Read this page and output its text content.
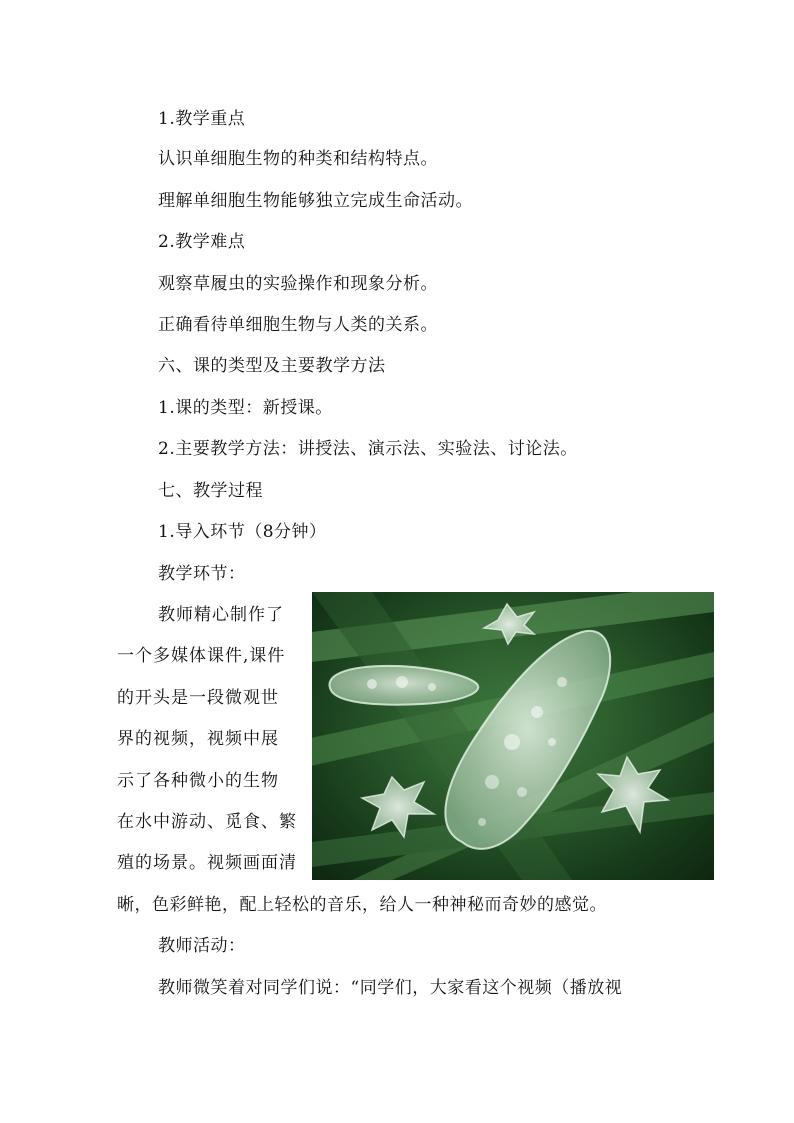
1.教学重点
认识单细胞生物的种类和结构特点。
理解单细胞生物能够独立完成生命活动。
2.教学难点
观察草履虫的实验操作和现象分析。
正确看待单细胞生物与人类的关系。
六、课的类型及主要教学方法
1.课的类型：新授课。
2.主要教学方法：讲授法、演示法、实验法、讨论法。
七、教学过程
1.导入环节（8分钟）
教学环节：
教师精心制作了
一个多媒体课件,课件
的开头是一段微观世
界的视频，视频中展
示了各种微小的生物
在水中游动、觅食、繁
殖的场景。视频画面清
晰，色彩鲜艳，配上轻松的音乐，给人一种神秘而奇妙的感觉。
教师活动：
教师微笑着对同学们说：“同学们，大家看这个视频（播放视
